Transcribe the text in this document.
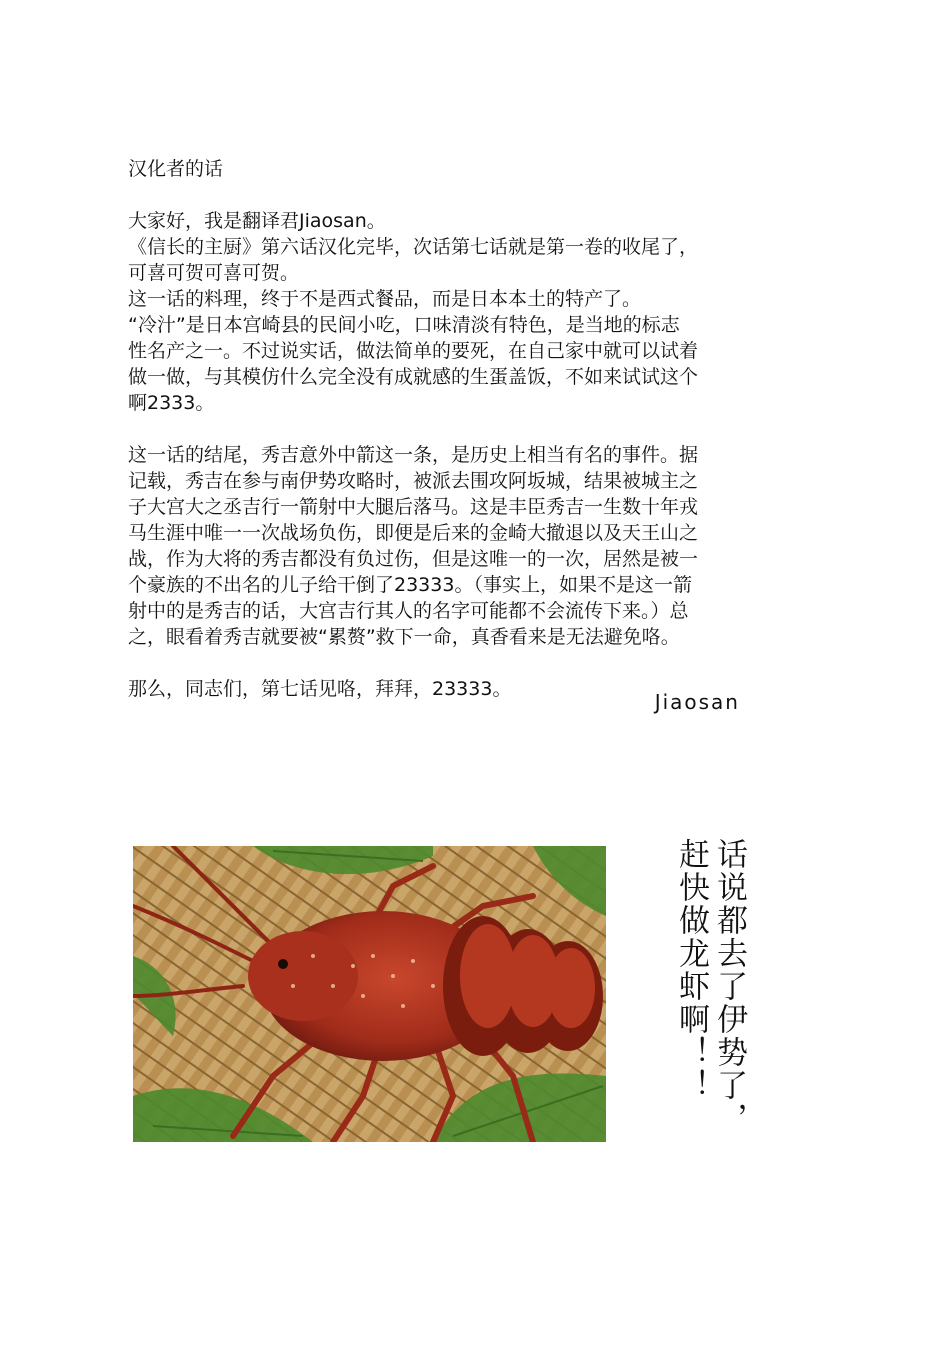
汉化者的话

大家好，我是翻译君Jiaosan。

《信长的主厨》第六话汉化完毕，次话第七话就是第一卷的收尾了，

可喜可贺可喜可贺。

这一话的料理，终于不是西式餐品，而是日本本土的特产了。

“冷汁”是日本宫崎县的民间小吃，口味清淡有特色，是当地的标志

性名产之一。不过说实话，做法简单的要死，在自己家中就可以试着

做一做，与其模仿什么完全没有成就感的生蛋盖饭，不如来试试这个

啊2333。

这一话的结尾，秀吉意外中箭这一条，是历史上相当有名的事件。据

记载，秀吉在参与南伊势攻略时，被派去围攻阿坂城，结果被城主之

子大宫大之丞吉行一箭射中大腿后落马。这是丰臣秀吉一生数十年戎

马生涯中唯一一次战场负伤，即便是后来的金崎大撤退以及天王山之

战，作为大将的秀吉都没有负过伤，但是这唯一的一次，居然是被一

个豪族的不出名的儿子给干倒了23333。（事实上，如果不是这一箭

射中的是秀吉的话，大宫吉行其人的名字可能都不会流传下来。）总

之，眼看着秀吉就要被“累赘”救下一命，真香看来是无法避免咯。

那么，同志们，第七话见咯，拜拜，23333。

Jiaosan
话说都去了伊势了，
赶快做龙虾啊！！
